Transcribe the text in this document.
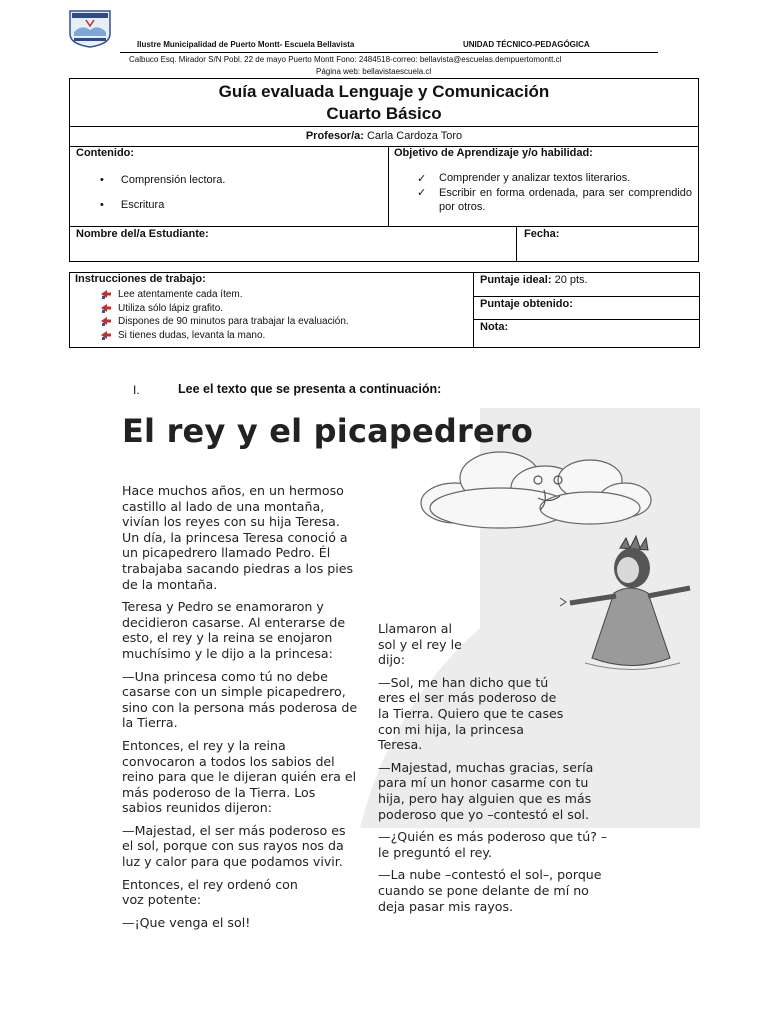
Ilustre Municipalidad de Puerto Montt- Escuela Bellavista	UNIDAD TÉCNICO-PEDAGÓGICA
Calbuco Esq. Mirador S/N Pobl. 22 de mayo Puerto Montt Fono: 2484518-correo: bellavista@escuelas.dempuertomontt.cl
Página web: bellavistaescuela.cl
Guía evaluada Lenguaje y Comunicación
Cuarto Básico
Profesor/a: Carla Cardoza Toro
Contenido:
• Comprensión lectora.
• Escritura
Objetivo de Aprendizaje y/o habilidad:
✓ Comprender y analizar textos literarios.
✓ Escribir en forma ordenada, para ser comprendido por otros.
Nombre del/a Estudiante:	Fecha:
Instrucciones de trabajo:
Lee atentamente cada ítem.
Utiliza sólo lápiz grafito.
Dispones de 90 minutos para trabajar la evaluación.
Si tienes dudas, levanta la mano.
Puntaje ideal: 20 pts.
Puntaje obtenido:
Nota:
I.	Lee el texto que se presenta a continuación:
El rey y el picapedrero

Hace muchos años, en un hermoso castillo al lado de una montaña, vivían los reyes con su hija Teresa. Un día, la princesa Teresa conoció a un picapedrero llamado Pedro. Él trabajaba sacando piedras a los pies de la montaña.

Teresa y Pedro se enamoraron y decidieron casarse. Al enterarse de esto, el rey y la reina se enojaron muchísimo y le dijo a la princesa:

—Una princesa como tú no debe casarse con un simple picapedrero, sino con la persona más poderosa de la Tierra.

Entonces, el rey y la reina convocaron a todos los sabios del reino para que le dijeran quién era el más poderoso de la Tierra. Los sabios reunidos dijeron:

—Majestad, el ser más poderoso es el sol, porque con sus rayos nos da luz y calor para que podamos vivir.

Entonces, el rey ordenó con voz potente:

—¡Que venga el sol!

Llamaron al sol y el rey le dijo:

—Sol, me han dicho que tú eres el ser más poderoso de la Tierra. Quiero que te cases con mi hija, la princesa Teresa.

—Majestad, muchas gracias, sería para mí un honor casarme con tu hija, pero hay alguien que es más poderoso que yo –contestó el sol.

—¿Quién es más poderoso que tú? –le preguntó el rey.

—La nube –contestó el sol–, porque cuando se pone delante de mí no deja pasar mis rayos.
